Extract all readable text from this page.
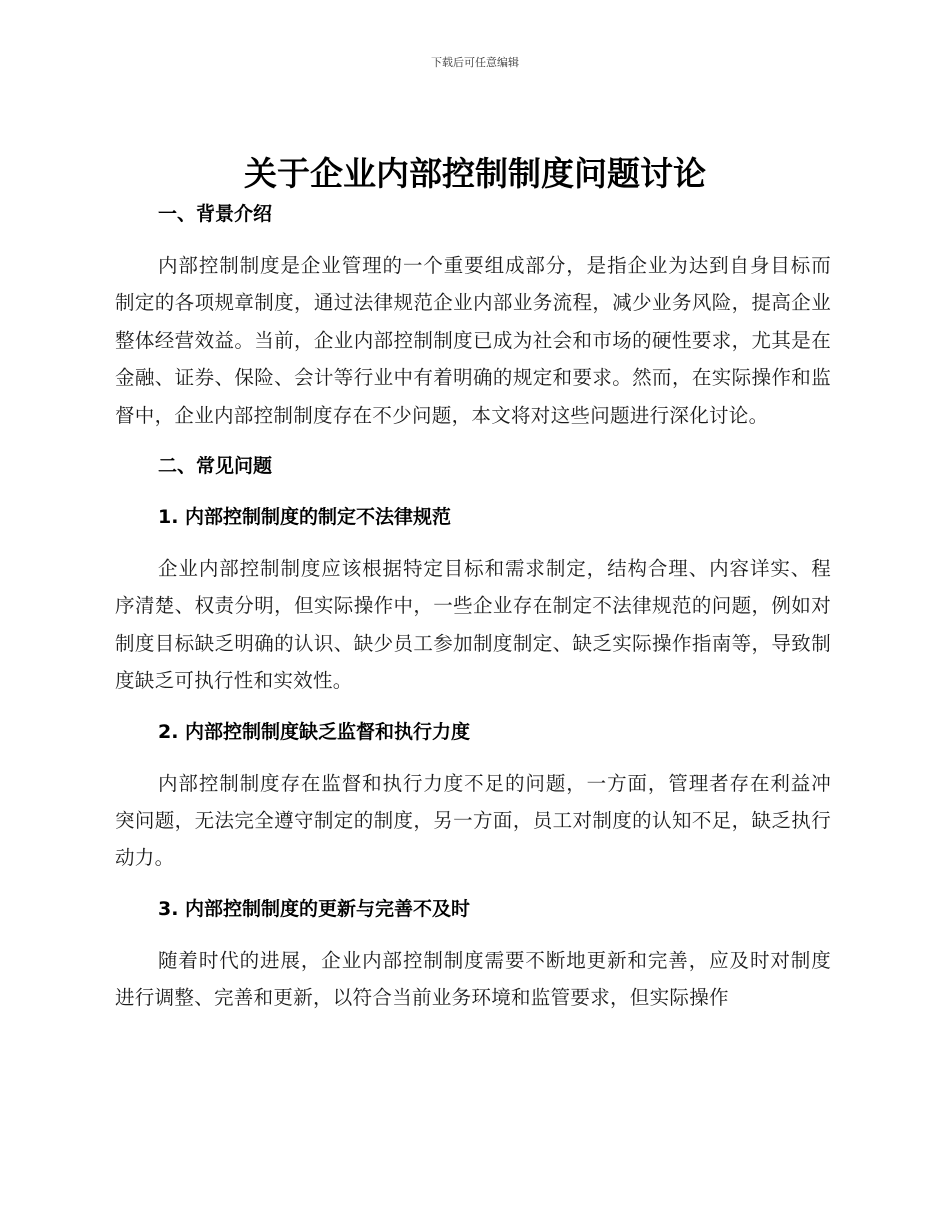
下载后可任意编辑
关于企业内部控制制度问题讨论
一、背景介绍

内部控制制度是企业管理的一个重要组成部分，是指企业为达到自身目标而制定的各项规章制度，通过法律规范企业内部业务流程，减少业务风险，提高企业整体经营效益。当前，企业内部控制制度已成为社会和市场的硬性要求，尤其是在金融、证券、保险、会计等行业中有着明确的规定和要求。然而，在实际操作和监督中，企业内部控制制度存在不少问题，本文将对这些问题进行深化讨论。

二、常见问题
1. 内部控制制度的制定不法律规范

企业内部控制制度应该根据特定目标和需求制定，结构合理、内容详实、程序清楚、权责分明，但实际操作中，一些企业存在制定不法律规范的问题，例如对制度目标缺乏明确的认识、缺少员工参加制度制定、缺乏实际操作指南等，导致制度缺乏可执行性和实效性。

2. 内部控制制度缺乏监督和执行力度

内部控制制度存在监督和执行力度不足的问题，一方面，管理者存在利益冲突问题，无法完全遵守制定的制度，另一方面，员工对制度的认知不足，缺乏执行动力。

3. 内部控制制度的更新与完善不及时

随着时代的进展，企业内部控制制度需要不断地更新和完善，应及时对制度进行调整、完善和更新，以符合当前业务环境和监管要求，但实际操作
